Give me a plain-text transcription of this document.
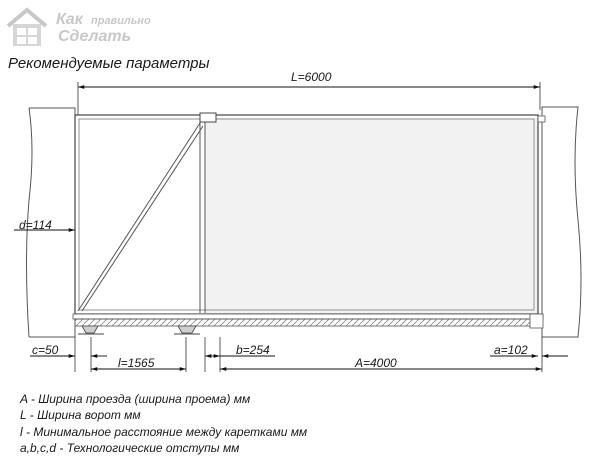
Как правильно
Сделать
Рекомендуемые параметры
L=6000
d=114
c=50
l=1565
b=254
A=4000
a=102
A - Ширина проезда (ширина проема) мм
L - Ширина ворот мм
l - Минимальное расстояние между каретками мм
a,b,c,d - Технологические отступы мм
